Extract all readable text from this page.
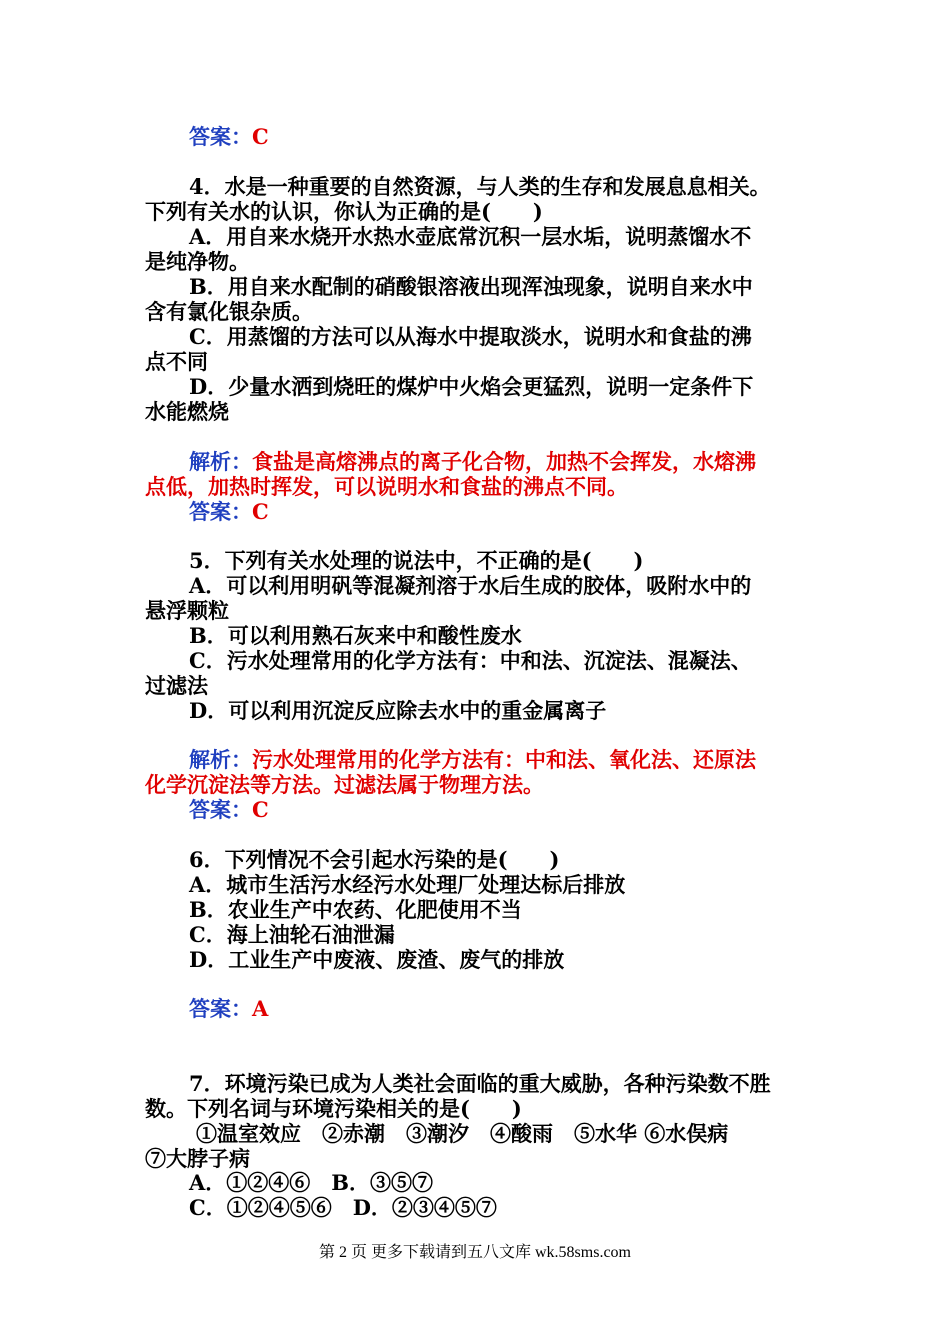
答案：C
4．水是一种重要的自然资源，与人类的生存和发展息息相关。
下列有关水的认识，你认为正确的是(　　)
A．用自来水烧开水热水壶底常沉积一层水垢，说明蒸馏水不
是纯净物。
B．用自来水配制的硝酸银溶液出现浑浊现象，说明自来水中
含有氯化银杂质。
C．用蒸馏的方法可以从海水中提取淡水，说明水和食盐的沸
点不同
D．少量水洒到烧旺的煤炉中火焰会更猛烈，说明一定条件下
水能燃烧
解析：食盐是高熔沸点的离子化合物，加热不会挥发，水熔沸
点低，加热时挥发，可以说明水和食盐的沸点不同。
答案：C
5．下列有关水处理的说法中，不正确的是(　　)
A．可以利用明矾等混凝剂溶于水后生成的胶体，吸附水中的
悬浮颗粒
B．可以利用熟石灰来中和酸性废水
C．污水处理常用的化学方法有：中和法、沉淀法、混凝法、
过滤法
D．可以利用沉淀反应除去水中的重金属离子
解析：污水处理常用的化学方法有：中和法、氧化法、还原法
化学沉淀法等方法。过滤法属于物理方法。
答案：C
6．下列情况不会引起水污染的是(　　)
A．城市生活污水经污水处理厂处理达标后排放
B．农业生产中农药、化肥使用不当
C．海上油轮石油泄漏
D．工业生产中废液、废渣、废气的排放
答案：A
7．环境污染已成为人类社会面临的重大威胁，各种污染数不胜
数。下列名词与环境污染相关的是(　　)
①温室效应　②赤潮　③潮汐　④酸雨　⑤水华 ⑥水俣病
⑦大脖子病
A．①②④⑥　B．③⑤⑦
C．①②④⑤⑥　D．②③④⑤⑦
第 2 页 更多下载请到五八文库 wk.58sms.com
